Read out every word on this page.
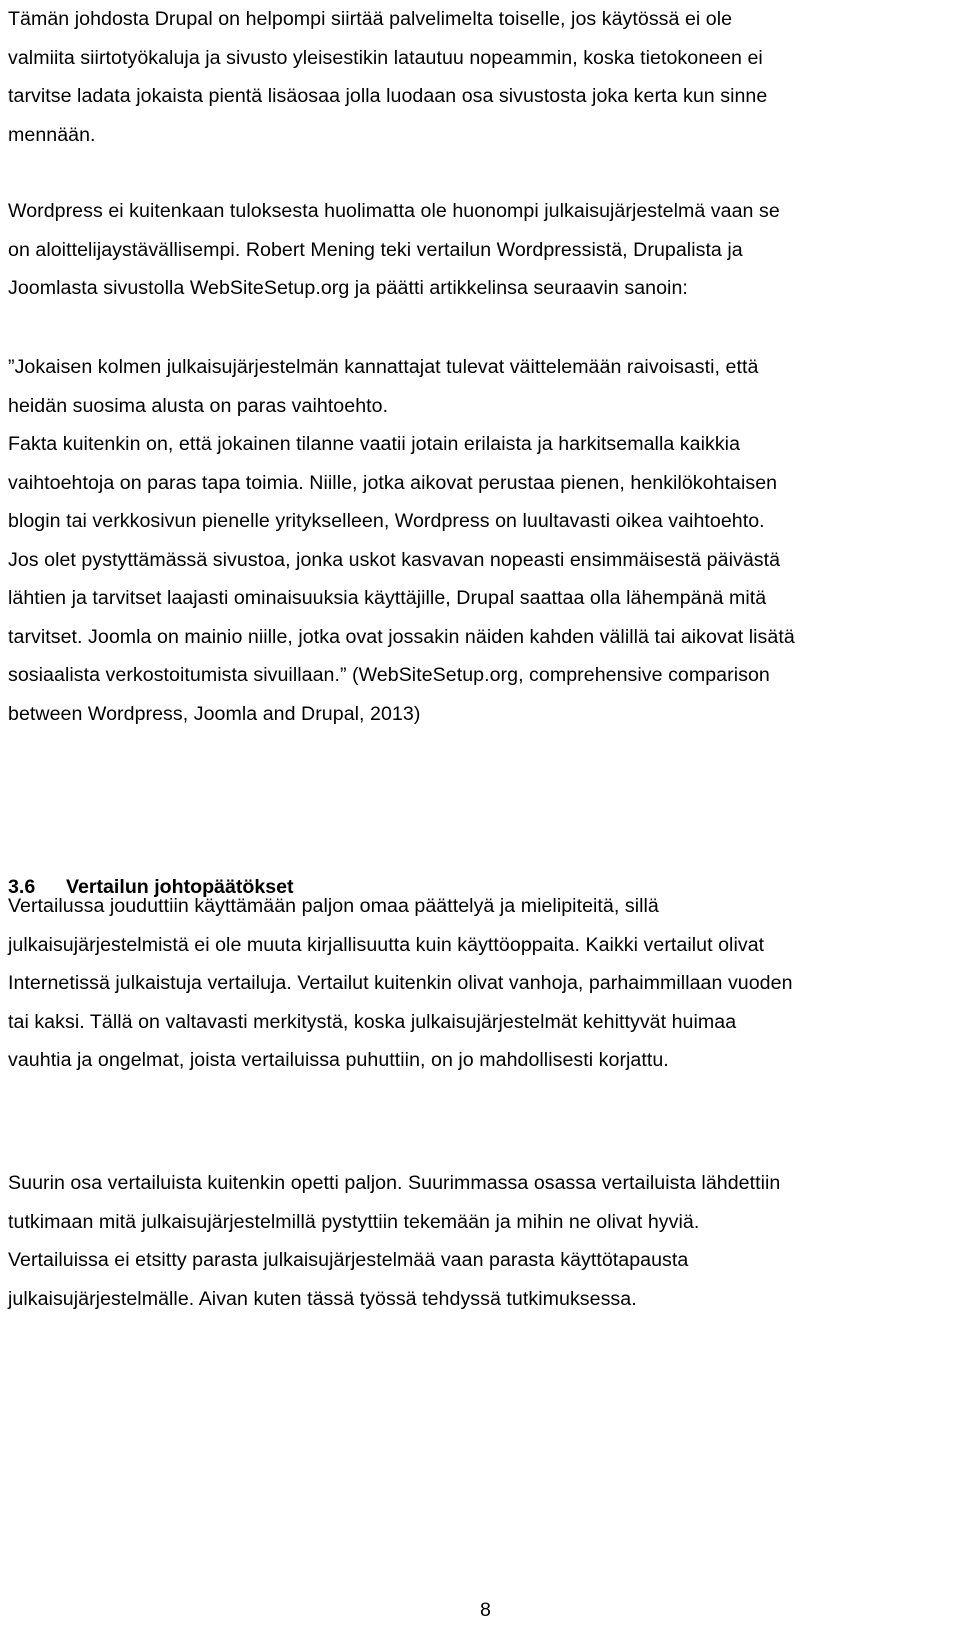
Tämän johdosta Drupal on helpompi siirtää palvelimelta toiselle, jos käytössä ei ole
valmiita siirtotyökaluja ja sivusto yleisestikin latautuu nopeammin, koska tietokoneen ei
tarvitse ladata jokaista pientä lisäosaa jolla luodaan osa sivustosta joka kerta kun sinne
mennään.

Wordpress ei kuitenkaan tuloksesta huolimatta ole huonompi julkaisujärjestelmä vaan se
on aloittelijaystävällisempi. Robert Mening teki vertailun Wordpressistä, Drupalista ja
Joomlasta sivustolla WebSiteSetup.org ja päätti artikkelinsa seuraavin sanoin:

”Jokaisen kolmen julkaisujärjestelmän kannattajat tulevat väittelemään raivoisasti, että
heidän suosima alusta on paras vaihtoehto.
Fakta kuitenkin on, että jokainen tilanne vaatii jotain erilaista ja harkitsemalla kaikkia
vaihtoehtoja on paras tapa toimia. Niille, jotka aikovat perustaa pienen, henkilökohtaisen
blogin tai verkkosivun pienelle yritykselleen, Wordpress on luultavasti oikea vaihtoehto.
Jos olet pystyttämässä sivustoa, jonka uskot kasvavan nopeasti ensimmäisestä päivästä
lähtien ja tarvitset laajasti ominaisuuksia käyttäjille, Drupal saattaa olla lähempänä mitä
tarvitset. Joomla on mainio niille, jotka ovat jossakin näiden kahden välillä tai aikovat lisätä
sosiaalista verkostoitumista sivuillaan.” (WebSiteSetup.org, comprehensive comparison
between Wordpress, Joomla and Drupal, 2013)

3.6 Vertailun johtopäätökset

Vertailussa jouduttiin käyttämään paljon omaa päättelyä ja mielipiteitä, sillä
julkaisujärjestelmistä ei ole muuta kirjallisuutta kuin käyttöoppaita. Kaikki vertailut olivat
Internetissä julkaistuja vertailuja. Vertailut kuitenkin olivat vanhoja, parhaimmillaan vuoden
tai kaksi. Tällä on valtavasti merkitystä, koska julkaisujärjestelmät kehittyvät huimaa
vauhtia ja ongelmat, joista vertailuissa puhuttiin, on jo mahdollisesti korjattu.

Suurin osa vertailuista kuitenkin opetti paljon. Suurimmassa osassa vertailuista lähdettiin
tutkimaan mitä julkaisujärjestelmillä pystyttiin tekemään ja mihin ne olivat hyviä.
Vertailuissa ei etsitty parasta julkaisujärjestelmää vaan parasta käyttötapausta
julkaisujärjestelmälle. Aivan kuten tässä työssä tehdyssä tutkimuksessa.

8
